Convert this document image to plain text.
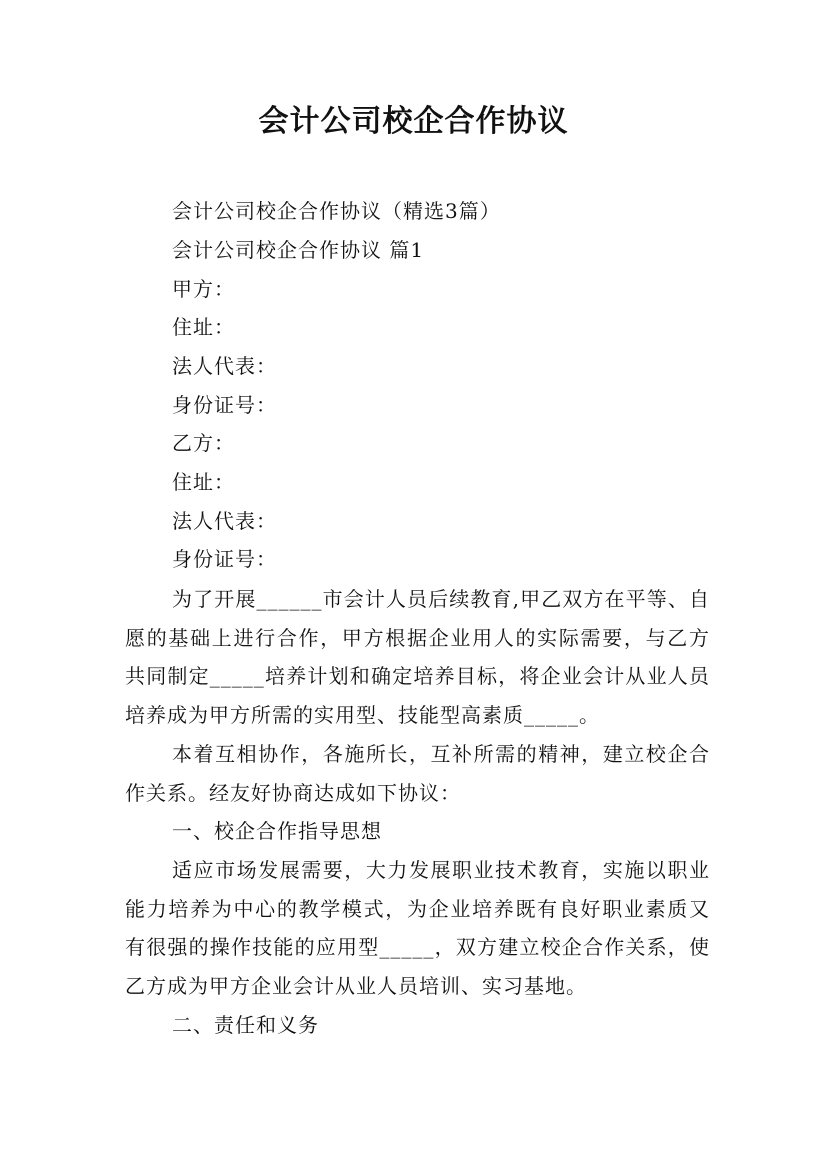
会计公司校企合作协议
会计公司校企合作协议（精选3篇）
会计公司校企合作协议 篇1
甲方：
住址：
法人代表：
身份证号：
乙方：
住址：
法人代表：
身份证号：

为了开展______市会计人员后续教育,甲乙双方在平等、自愿的基础上进行合作，甲方根据企业用人的实际需要，与乙方共同制定_____培养计划和确定培养目标，将企业会计从业人员培养成为甲方所需的实用型、技能型高素质_____。

本着互相协作，各施所长，互补所需的精神，建立校企合作关系。经友好协商达成如下协议：

一、校企合作指导思想

适应市场发展需要，大力发展职业技术教育，实施以职业能力培养为中心的教学模式，为企业培养既有良好职业素质又有很强的操作技能的应用型_____，双方建立校企合作关系，使乙方成为甲方企业会计从业人员培训、实习基地。

二、责任和义务
